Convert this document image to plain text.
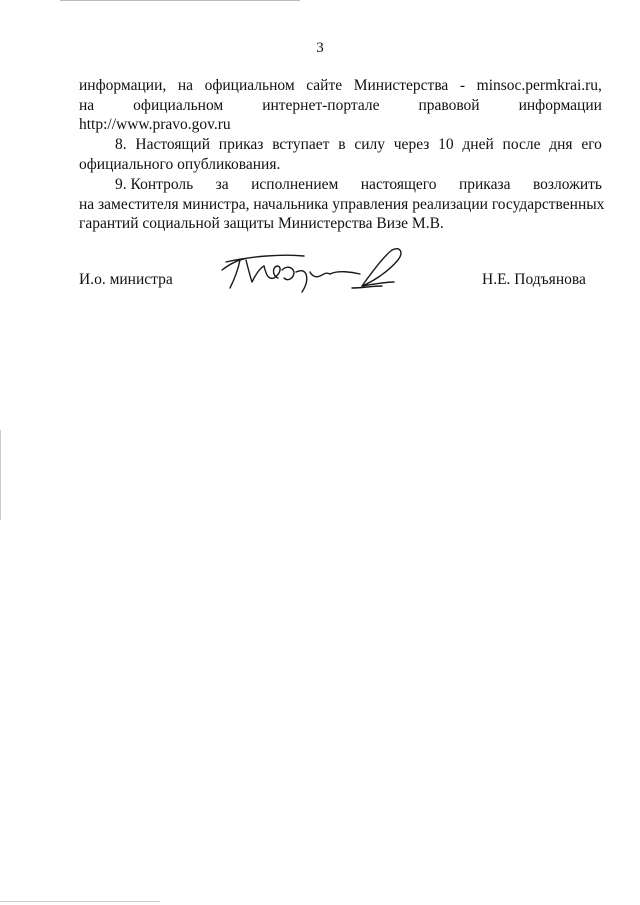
3
информации, на официальном сайте Министерства - minsoc.permkrai.ru,
на	официальном	интернет-портале	правовой	информации
http://www.pravo.gov.ru
8. Настоящий приказ вступает в силу через 10 дней после дня его
официального опубликования.
9. Контроль за исполнением настоящего приказа возложить
на заместителя министра, начальника управления реализации государственных
гарантий социальной защиты Министерства Визе М.В.
И.о. министра	Н.Е. Подъянова
